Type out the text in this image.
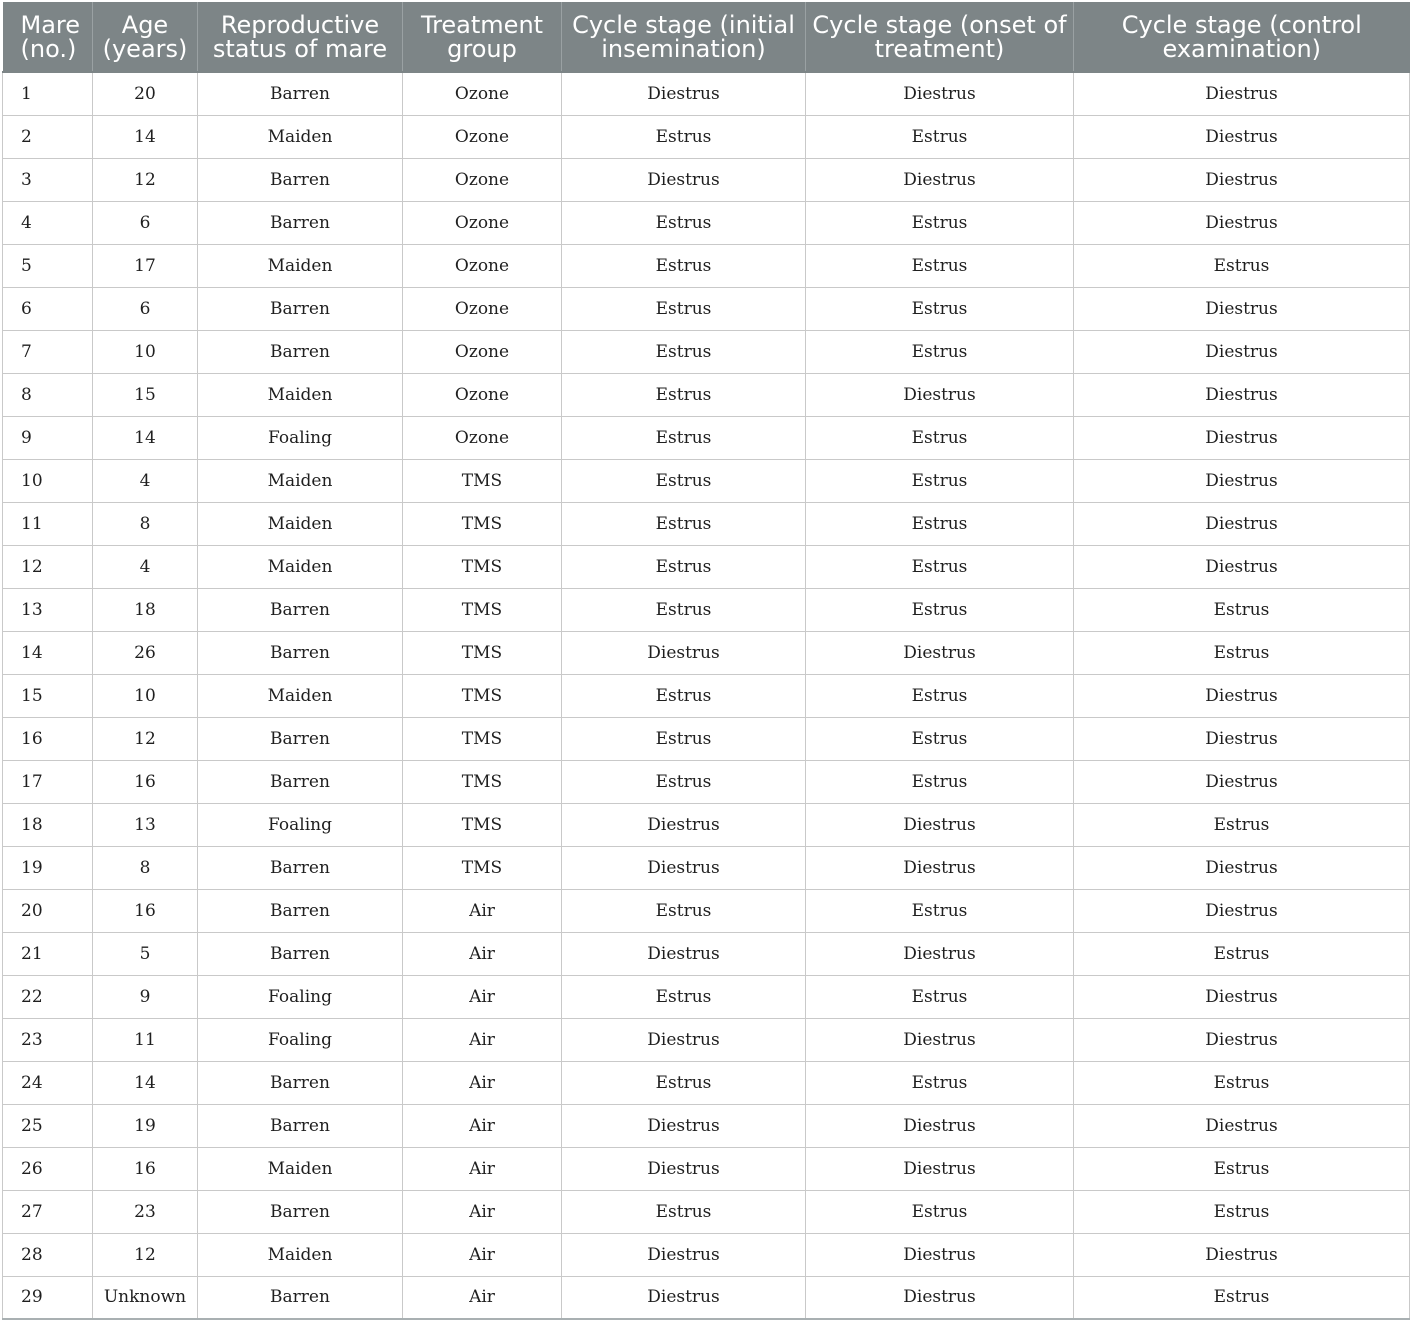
Mare (no.)	Age (years)	Reproductive status of mare	Treatment group	Cycle stage (initial insemination)	Cycle stage (onset of treatment)	Cycle stage (control examination)
1	20	Barren	Ozone	Diestrus	Diestrus	Diestrus
2	14	Maiden	Ozone	Estrus	Estrus	Diestrus
3	12	Barren	Ozone	Diestrus	Diestrus	Diestrus
4	6	Barren	Ozone	Estrus	Estrus	Diestrus
5	17	Maiden	Ozone	Estrus	Estrus	Estrus
6	6	Barren	Ozone	Estrus	Estrus	Diestrus
7	10	Barren	Ozone	Estrus	Estrus	Diestrus
8	15	Maiden	Ozone	Estrus	Diestrus	Diestrus
9	14	Foaling	Ozone	Estrus	Estrus	Diestrus
10	4	Maiden	TMS	Estrus	Estrus	Diestrus
11	8	Maiden	TMS	Estrus	Estrus	Diestrus
12	4	Maiden	TMS	Estrus	Estrus	Diestrus
13	18	Barren	TMS	Estrus	Estrus	Estrus
14	26	Barren	TMS	Diestrus	Diestrus	Estrus
15	10	Maiden	TMS	Estrus	Estrus	Diestrus
16	12	Barren	TMS	Estrus	Estrus	Diestrus
17	16	Barren	TMS	Estrus	Estrus	Diestrus
18	13	Foaling	TMS	Diestrus	Diestrus	Estrus
19	8	Barren	TMS	Diestrus	Diestrus	Diestrus
20	16	Barren	Air	Estrus	Estrus	Diestrus
21	5	Barren	Air	Diestrus	Diestrus	Estrus
22	9	Foaling	Air	Estrus	Estrus	Diestrus
23	11	Foaling	Air	Diestrus	Diestrus	Diestrus
24	14	Barren	Air	Estrus	Estrus	Estrus
25	19	Barren	Air	Diestrus	Diestrus	Diestrus
26	16	Maiden	Air	Diestrus	Diestrus	Estrus
27	23	Barren	Air	Estrus	Estrus	Estrus
28	12	Maiden	Air	Diestrus	Diestrus	Diestrus
29	Unknown	Barren	Air	Diestrus	Diestrus	Estrus
